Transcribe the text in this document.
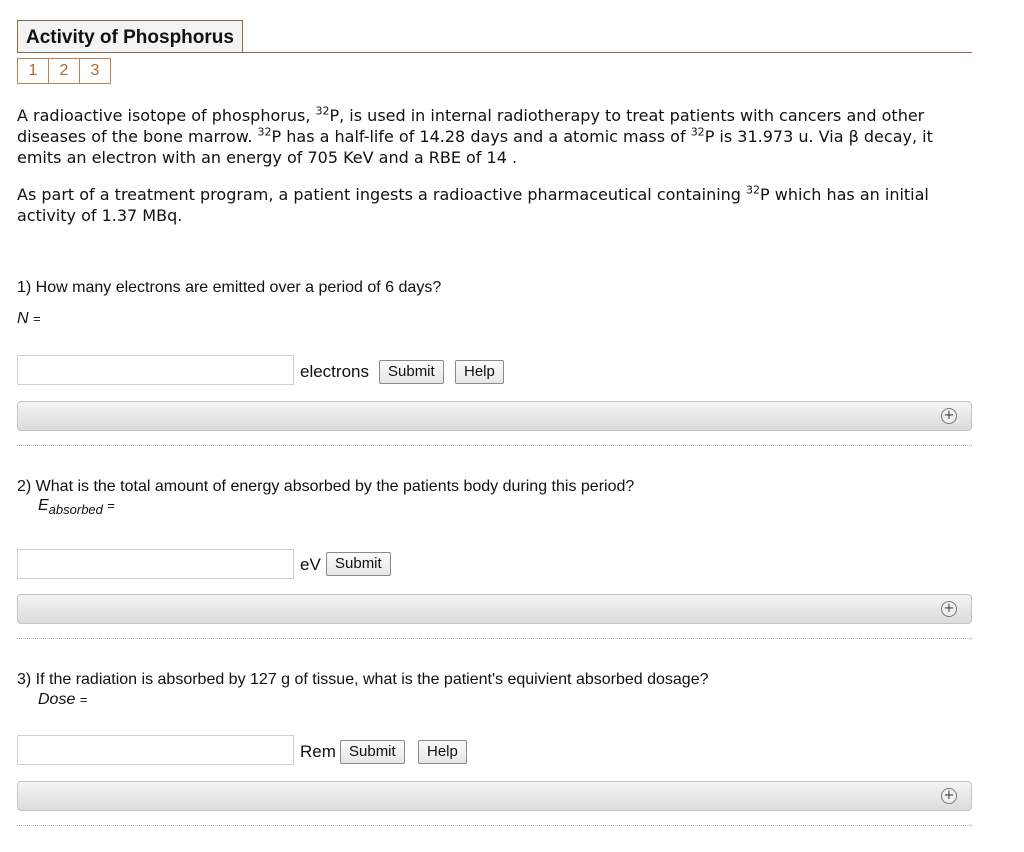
Activity of Phosphorus
1	2	3
A radioactive isotope of phosphorus, $^{32}$P, is used in internal radiotherapy to treat patients with cancers and other diseases of the bone marrow. $^{32}$P has a half-life of 14.28 days and a atomic mass of $^{32}$P is 31.973 u. Via β decay, it emits an electron with an energy of 705 KeV and a RBE of 14 .
As part of a treatment program, a patient ingests a radioactive pharmaceutical containing $^{32}$P which has an initial activity of 1.37 MBq.
1) How many electrons are emitted over a period of 6 days?
N =
electrons	Submit	Help
+
2) What is the total amount of energy absorbed by the patients body during this period?
$E_{absorbed}$ =
eV Submit
+
3) If the radiation is absorbed by 127 g of tissue, what is the patient's equivient absorbed dosage?
Dose =
Rem Submit	Help
+
